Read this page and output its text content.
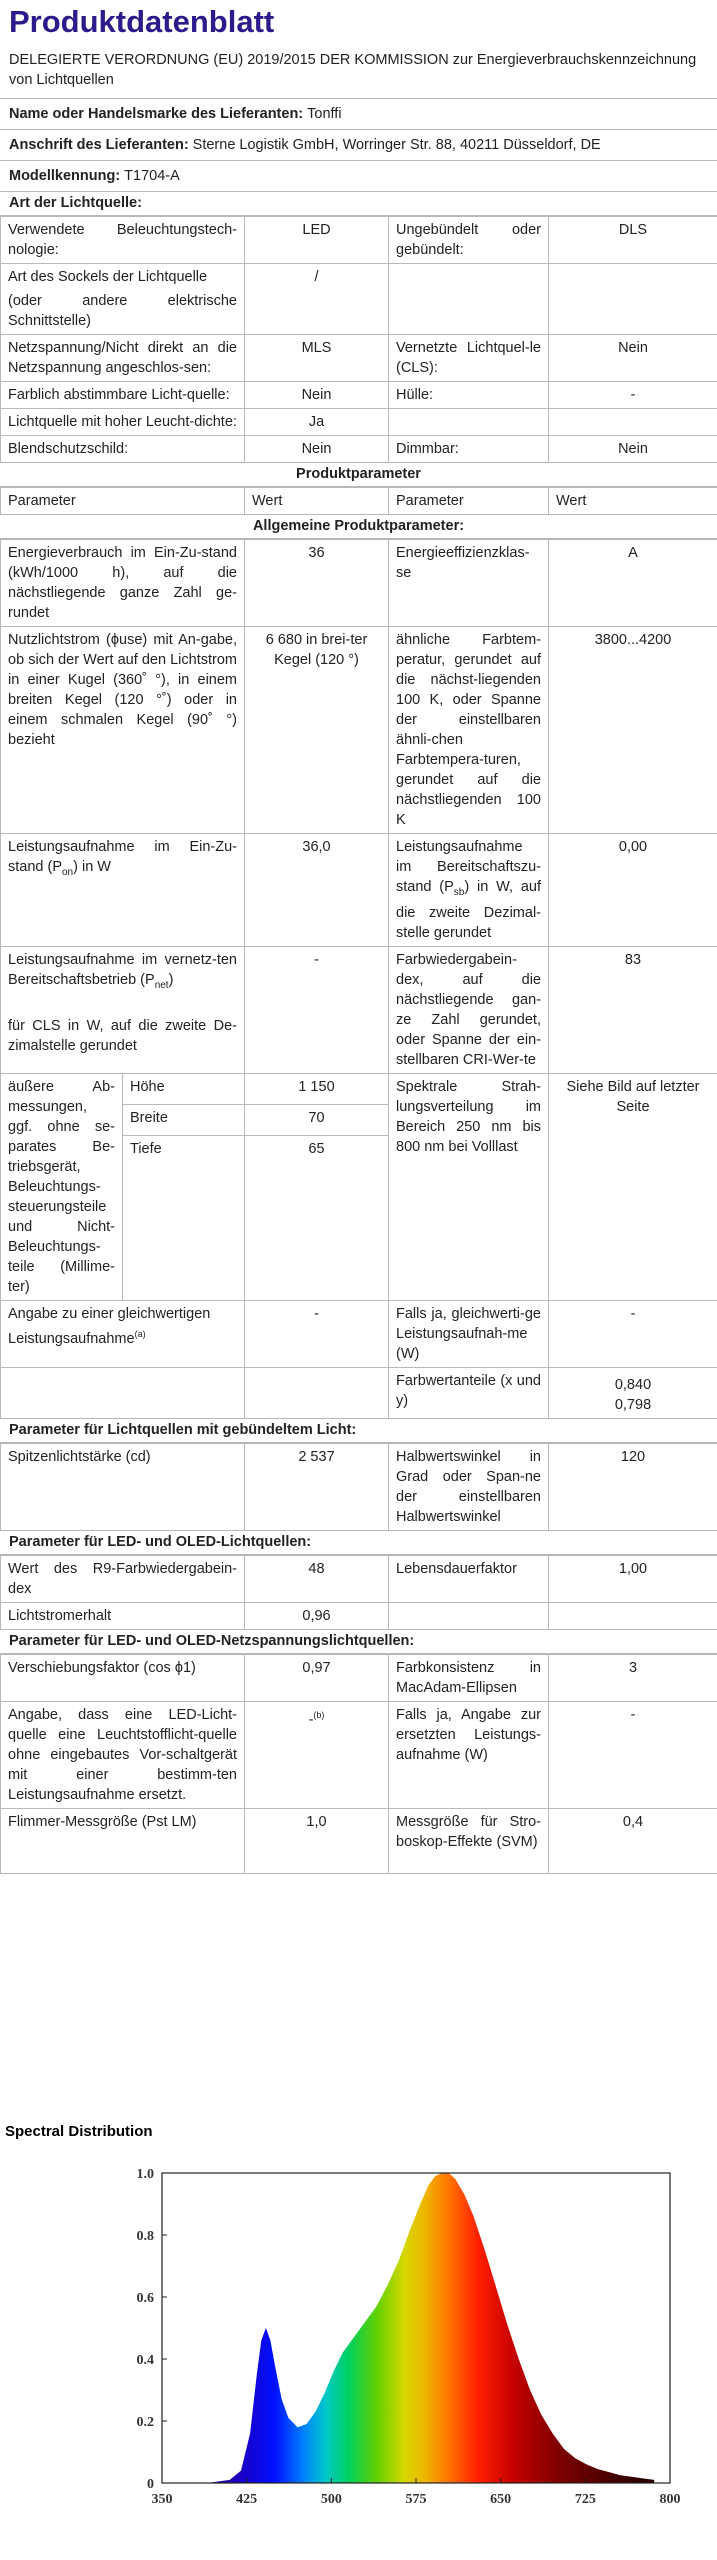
Produktdatenblatt
DELEGIERTE VERORDNUNG (EU) 2019/2015 DER KOMMISSION zur Energieverbrauchskennzeichnung von Lichtquellen
Name oder Handelsmarke des Lieferanten: Tonffi
Anschrift des Lieferanten: Sterne Logistik GmbH, Worringer Str. 88, 40211 Düsseldorf, DE
Modellkennung: T1704-A
Art der Lichtquelle:
Verwendete Beleuchtungstech-nologie:	LED	Ungebündelt oder gebündelt:	DLS

Art des Sockels der Lichtquelle
(oder andere elektrische Schnittstelle)	/		
Netzspannung/Nicht direkt an die Netzspannung angeschlos-sen:	MLS	Vernetzte Lichtquel-le (CLS):	Nein
Farblich abstimmbare Licht-quelle:	Nein	Hülle:	-
Lichtquelle mit hoher Leucht-dichte:	Ja		
Blendschutzschild:	Nein	Dimmbar:	Nein
Produktparameter
Parameter	Wert	Parameter	Wert
Allgemeine Produktparameter:
Energieverbrauch im Ein-Zu-stand (kWh/1000 h), auf die nächstliegende ganze Zahl ge-rundet		36	Energieeffizienzklas-se	A
Nutzlichtstrom (ϕuse) mit An-gabe, ob sich der Wert auf den Lichtstrom in einer Kugel (360˚ °), in einem breiten Kegel (120 °˚) oder in einem schmalen Kegel (90˚ °) bezieht		6 680 in brei-ter Kegel (120 °)	ähnliche Farbtem-peratur, gerundet auf die nächst-liegenden 100 K, oder Spanne der einstellbaren ähnli-chen Farbtempera-turen, gerundet auf die nächstliegenden 100 K	3800...4200
Leistungsaufnahme im Ein-Zu-stand $(P_{on})$ in W		36,0	Leistungsaufnahme im Bereitschaftszu-stand $(P_{sb})$ in W, auf die zweite Dezimal-stelle gerundet	0,00

Leistungsaufnahme im vernetz-ten Bereitschaftsbetrieb $(P_{net})$
für CLS in W, auf die zweite De-zimalstelle gerundet		-	Farbwiedergabein-dex, auf die nächstliegende gan-ze Zahl gerundet, oder Spanne der ein-stellbaren CRI-Wer-te	83
äußere Ab-messungen, ggf. ohne se-parates Be-triebsgerät, Beleuchtungs-steuerungsteile und Nicht-Beleuchtungs-teile (Millime-ter)	Höhe	1 150	Spektrale Strah-lungsverteilung im Bereich 250 nm bis 800 nm bei Volllast	Siehe Bild auf letzter Seite
	Breite	70		
	Tiefe	65		
Angabe zu einer gleichwertigen Leistungsaufnahme$^{(a)}$		-	Falls ja, gleichwerti-ge Leistungsaufnah-me (W)	-
			Farbwertanteile (x und y)	0,840
0,798
Parameter für Lichtquellen mit gebündeltem Licht:
Spitzenlichtstärke (cd)	2 537	Halbwertswinkel in Grad oder Span-ne der einstellbaren Halbwertswinkel	120
Parameter für LED- und OLED-Lichtquellen:
Wert des R9-Farbwiedergabein-dex	48	Lebensdauerfaktor	1,00
Lichtstromerhalt	0,96		
Parameter für LED- und OLED-Netzspannungslichtquellen:
Verschiebungsfaktor (cos ϕ1)	0,97	Farbkonsistenz in MacAdam-Ellipsen	3
Angabe, dass eine LED-Licht-quelle eine Leuchtstofflicht-quelle ohne eingebautes Vor-schaltgerät mit einer bestimm-ten Leistungsaufnahme ersetzt.	-$^{(b)}$	Falls ja, Angabe zur ersetzten Leistungs-aufnahme (W)	-
Flimmer-Messgröße (Pst LM)	1,0	Messgröße für Stro-boskop-Effekte (SVM)	0,4
Spectral Distribution
350	425	500	575	650	725	800
0
0.2
0.4
0.6
0.8
1.0
